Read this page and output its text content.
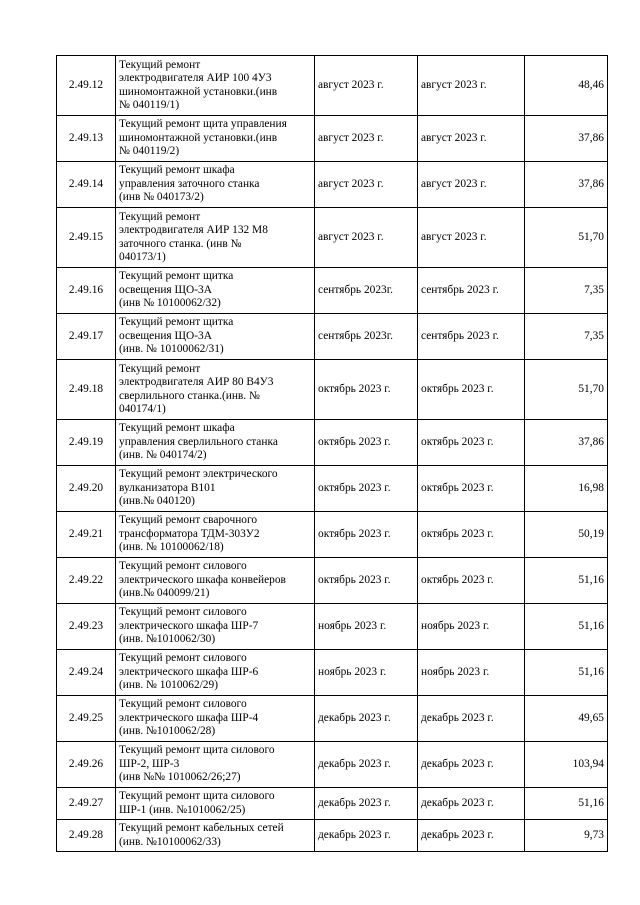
2.49.12	Текущий ремонт
электродвигателя АИР 100 4У3
шиномонтажной установки.(инв
№ 040119/1)	август 2023 г.	август 2023 г.	48,46
2.49.13	Текущий ремонт щита управления
шиномонтажной установки.(инв
№ 040119/2)	август 2023 г.	август 2023 г.	37,86
2.49.14	Текущий ремонт шкафа
управления заточного станка
(инв № 040173/2)	август 2023 г.	август 2023 г.	37,86
2.49.15	Текущий ремонт
электродвигателя АИР 132 М8
заточного станка. (инв №
040173/1)	август 2023 г.	август 2023 г.	51,70
2.49.16	Текущий ремонт щитка
освещения ЩО-3А
(инв № 10100062/32)	сентябрь 2023г.	сентябрь 2023 г.	7,35
2.49.17	Текущий ремонт щитка
освещения ЩО-3А
(инв. № 10100062/31)	сентябрь 2023г.	сентябрь 2023 г.	7,35
2.49.18	Текущий ремонт
электродвигателя АИР 80 В4У3
сверлильного станка.(инв. №
040174/1)	октябрь 2023 г.	октябрь 2023 г.	51,70
2.49.19	Текущий ремонт шкафа
управления сверлильного станка
(инв. № 040174/2)	октябрь 2023 г.	октябрь 2023 г.	37,86
2.49.20	Текущий ремонт электрического
вулканизатора В101
(инв.№ 040120)	октябрь 2023 г.	октябрь 2023 г.	16,98
2.49.21	Текущий ремонт сварочного
трансформатора ТДМ-303У2
(инв. № 10100062/18)	октябрь 2023 г.	октябрь 2023 г.	50,19
2.49.22	Текущий ремонт силового
электрического шкафа конвейеров
(инв.№ 040099/21)	октябрь 2023 г.	октябрь 2023 г.	51,16
2.49.23	Текущий ремонт силового
электрического шкафа ШР-7
(инв. №1010062/30)	ноябрь 2023 г.	ноябрь 2023 г.	51,16
2.49.24	Текущий ремонт силового
электрического шкафа ШР-6
(инв. № 1010062/29)	ноябрь 2023 г.	ноябрь 2023 г.	51,16
2.49.25	Текущий ремонт силового
электрического шкафа ШР-4
(инв. №1010062/28)	декабрь 2023 г.	декабрь 2023 г.	49,65
2.49.26	Текущий ремонт щита силового
ШР-2, ШР-3
(инв №№ 1010062/26;27)	декабрь 2023 г.	декабрь 2023 г.	103,94
2.49.27	Текущий ремонт щита силового
ШР-1 (инв. №1010062/25)	декабрь 2023 г.	декабрь 2023 г.	51,16
2.49.28	Текущий ремонт кабельных сетей
(инв. №10100062/33)	декабрь 2023 г.	декабрь 2023 г.	9,73
